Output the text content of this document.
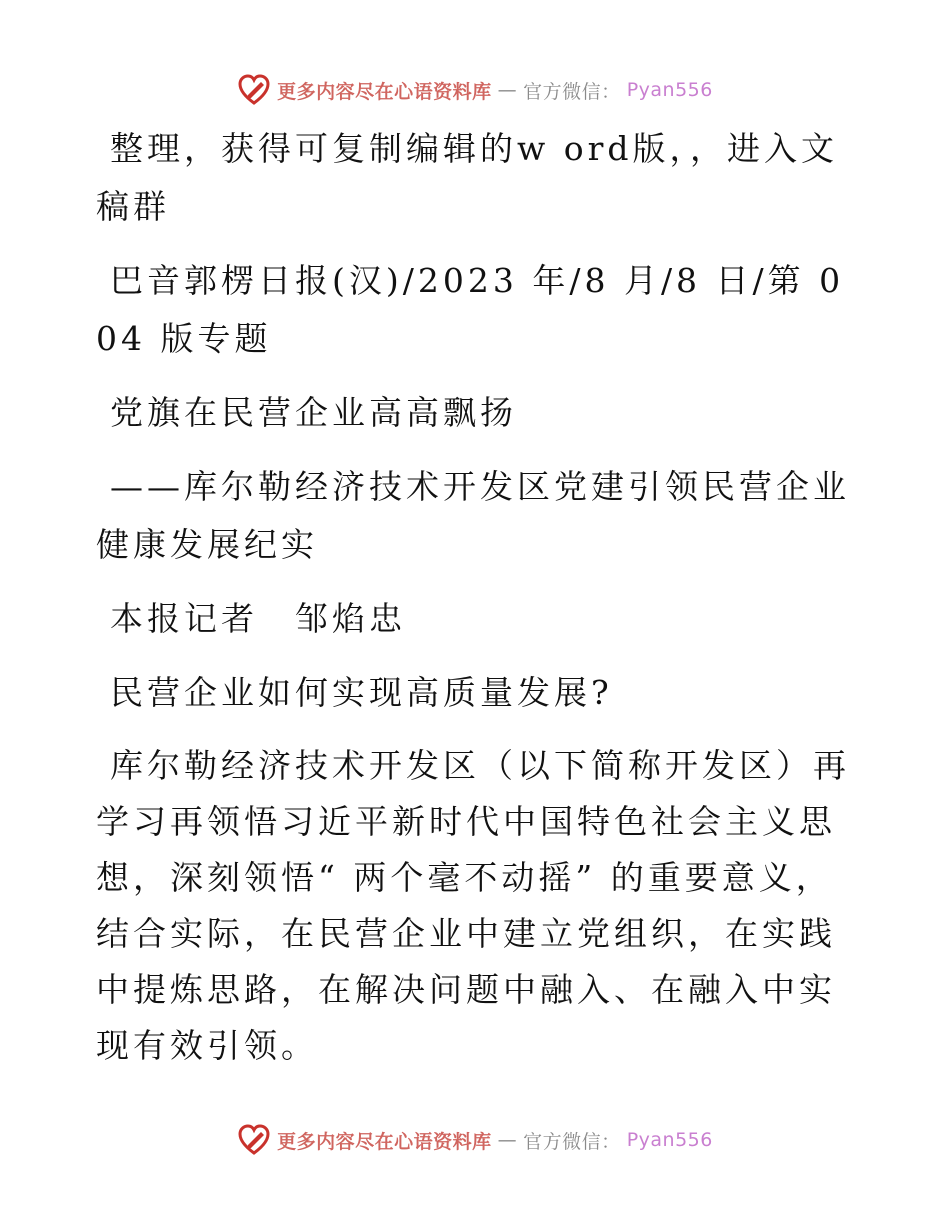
更多内容尽在心语资料库 — 官方微信： Pyan556

整理，获得可复制编辑的w ord版，，进入文稿群

巴音郭楞日报(汉)/2023 年/8 月/8 日/第 004 版专题

党旗在民营企业高高飘扬

——库尔勒经济技术开发区党建引领民营企业健康发展纪实

本报记者　邹焰忠

民营企业如何实现高质量发展?

库尔勒经济技术开发区（以下简称开发区）再学习再领悟习近平新时代中国特色社会主义思想，深刻领悟“ 两个毫不动摇” 的重要意义，结合实际，在民营企业中建立党组织，在实践中提炼思路，在解决问题中融入、在融入中实现有效引领。

更多内容尽在心语资料库 — 官方微信： Pyan556
